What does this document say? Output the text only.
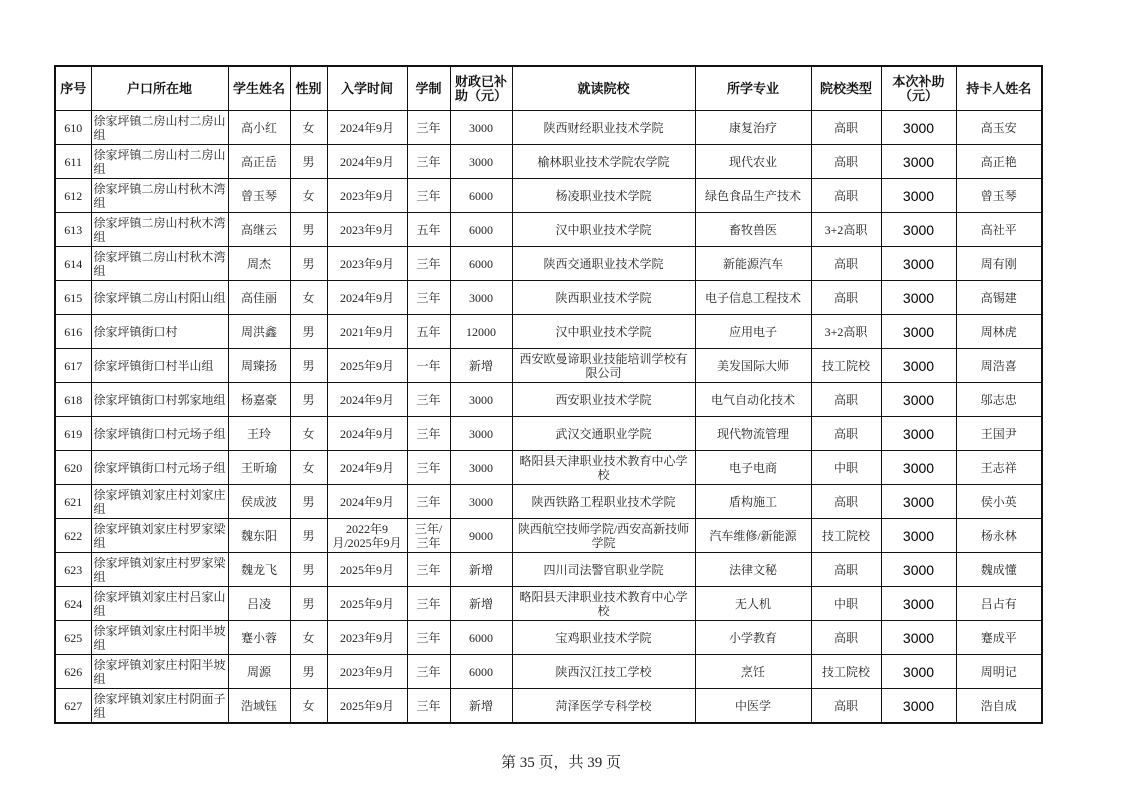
序号	户口所在地	学生姓名	性别	入学时间	学制	财政已补助（元）	就读院校	所学专业	院校类型	本次补助（元）	持卡人姓名
610	徐家坪镇二房山村二房山组	高小红	女	2024年9月	三年	3000	陕西财经职业技术学院	康复治疗	高职	3000	高玉安
611	徐家坪镇二房山村二房山组	高正岳	男	2024年9月	三年	3000	榆林职业技术学院农学院	现代农业	高职	3000	高正艳
612	徐家坪镇二房山村秋木湾组	曾玉琴	女	2023年9月	三年	6000	杨凌职业技术学院	绿色食品生产技术	高职	3000	曾玉琴
613	徐家坪镇二房山村秋木湾组	高继云	男	2023年9月	五年	6000	汉中职业技术学院	畜牧兽医	3+2高职	3000	高社平
614	徐家坪镇二房山村秋木湾组	周杰	男	2023年9月	三年	6000	陕西交通职业技术学院	新能源汽车	高职	3000	周有刚
615	徐家坪镇二房山村阳山组	高佳丽	女	2024年9月	三年	3000	陕西职业技术学院	电子信息工程技术	高职	3000	高锡建
616	徐家坪镇街口村	周洪鑫	男	2021年9月	五年	12000	汉中职业技术学院	应用电子	3+2高职	3000	周林虎
617	徐家坪镇街口村半山组	周臻扬	男	2025年9月	一年	新增	西安欧曼谛职业技能培训学校有限公司	美发国际大师	技工院校	3000	周浩喜
618	徐家坪镇街口村郭家地组	杨嘉豪	男	2024年9月	三年	3000	西安职业技术学院	电气自动化技术	高职	3000	邬志忠
619	徐家坪镇街口村元场子组	王玲	女	2024年9月	三年	3000	武汉交通职业学院	现代物流管理	高职	3000	王国尹
620	徐家坪镇街口村元场子组	王昕瑜	女	2024年9月	三年	3000	略阳县天津职业技术教育中心学校	电子电商	中职	3000	王志祥
621	徐家坪镇刘家庄村刘家庄组	侯成波	男	2024年9月	三年	3000	陕西铁路工程职业技术学院	盾构施工	高职	3000	侯小英
622	徐家坪镇刘家庄村罗家梁组	魏东阳	男	2022年9月/2025年9月	三年/三年	9000	陕西航空技师学院/西安高新技师学院	汽车维修/新能源	技工院校	3000	杨永林
623	徐家坪镇刘家庄村罗家梁组	魏龙飞	男	2025年9月	三年	新增	四川司法警官职业学院	法律文秘	高职	3000	魏成懂
624	徐家坪镇刘家庄村吕家山组	吕凌	男	2025年9月	三年	新增	略阳县天津职业技术教育中心学校	无人机	中职	3000	吕占有
625	徐家坪镇刘家庄村阳半坡组	蹇小蓉	女	2023年9月	三年	6000	宝鸡职业技术学院	小学教育	高职	3000	蹇成平
626	徐家坪镇刘家庄村阳半坡组	周源	男	2023年9月	三年	6000	陕西汉江技工学校	烹饪	技工院校	3000	周明记
627	徐家坪镇刘家庄村阴面子组	浩域钰	女	2025年9月	三年	新增	菏泽医学专科学校	中医学	高职	3000	浩自成
第 35 页，共 39 页
